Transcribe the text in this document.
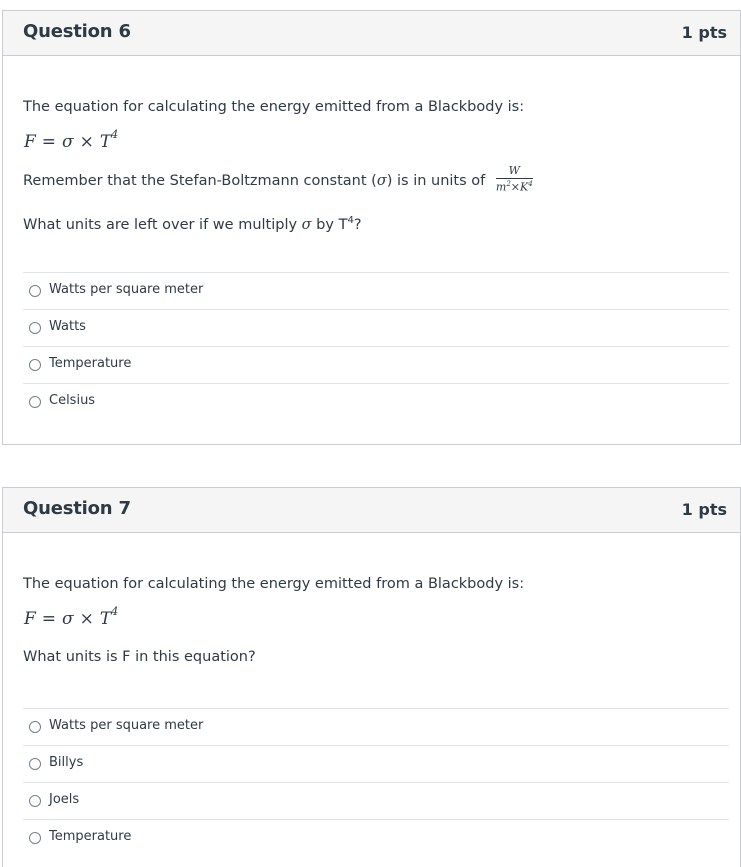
Question 6	1 pts
The equation for calculating the energy emitted from a Blackbody is:
$F = \sigma \times T^4$
Remember that the Stefan-Boltzmann constant (σ) is in units of $\frac{W}{m^2\times K^4}$
What units are left over if we multiply σ by $T^4$?
Watts per square meter
Watts
Temperature
Celsius
Question 7	1 pts
The equation for calculating the energy emitted from a Blackbody is:
$F = \sigma \times T^4$
What units is F in this equation?
Watts per square meter
Billys
Joels
Temperature
